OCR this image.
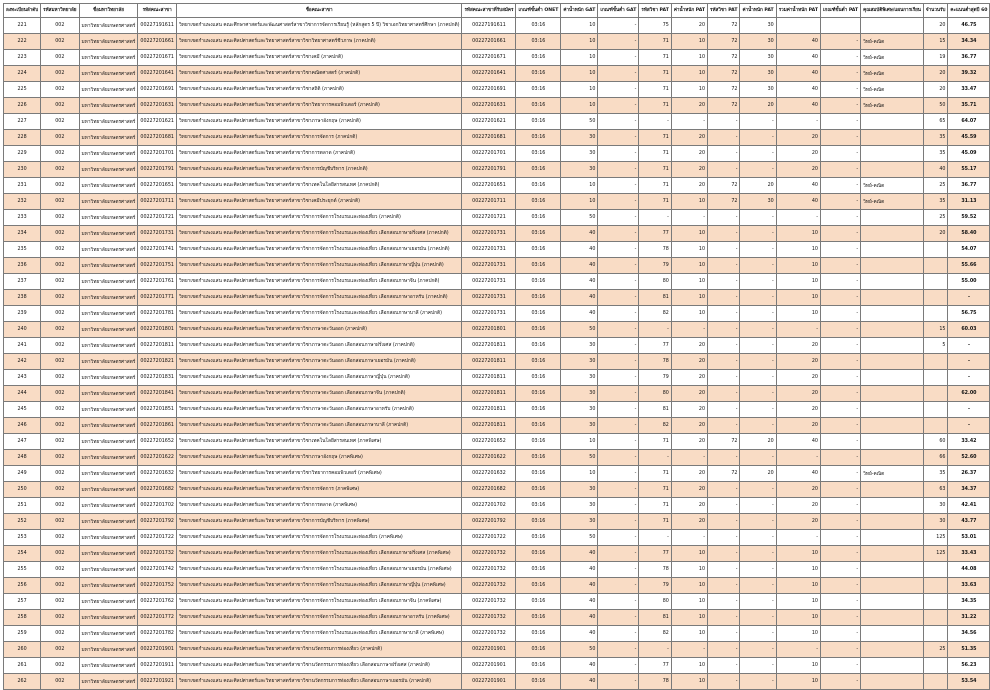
ลงทะเบียนลำดับ	รหัสมหาวิทยาลัย	ชื่อมหาวิทยาลัย	รหัสคณะสาขา	ชื่อคณะสาขา	รหัสคณะสาขาที่รับสมัคร	เกณฑ์ขั้นต่ำ ONET	ค่าน้ำหนัก GAT	เกณฑ์ขั้นต่ำ GAT	รหัสวิชา PAT	ค่าน้ำหนัก PAT	รหัสวิชา PAT	ค่าน้ำหนัก PAT	รวมค่าน้ำหนัก PAT	เกณฑ์ขั้นต่ำ PAT	คุณสมบัติพิเศษ/แผนการเรียน	จำนวนรับ	คะแนนต่ำสุดปี 60
221	002	มหาวิทยาลัยเกษตรศาสตร์	00227191611	วิทยาเขตกำแพงแสน คณะศึกษาศาสตร์และพัฒนศาสตร์สาขาวิชาการจัดการเรียนรู้ (หลักสูตร 5 ปี) วิชาเอกวิทยาศาสตร์ศึกษา (ภาคปกติ)	00227191611	03:16	10	-	75	20	72	30				20	46.75
222	002	มหาวิทยาลัยเกษตรศาสตร์	00227201661	วิทยาเขตกำแพงแสน คณะศิลปศาสตร์และวิทยาศาสตร์สาขาวิชาวิทยาศาสตร์ชีวภาพ (ภาคปกติ)	00227201661	03:16	10	-	71	10	72	30	40	-	วิทย์-คณิต	15	34.34
223	002	มหาวิทยาลัยเกษตรศาสตร์	00227201671	วิทยาเขตกำแพงแสน คณะศิลปศาสตร์และวิทยาศาสตร์สาขาวิชาเคมี (ภาคปกติ)	00227201671	03:16	10	-	71	10	72	30	40	-	วิทย์-คณิต	19	36.77
224	002	มหาวิทยาลัยเกษตรศาสตร์	00227201641	วิทยาเขตกำแพงแสน คณะศิลปศาสตร์และวิทยาศาสตร์สาขาวิชาคณิตศาสตร์ (ภาคปกติ)	00227201641	03:16	10	-	71	10	72	30	40	-	วิทย์-คณิต	20	39.32
225	002	มหาวิทยาลัยเกษตรศาสตร์	00227201691	วิทยาเขตกำแพงแสน คณะศิลปศาสตร์และวิทยาศาสตร์สาขาวิชาสถิติ (ภาคปกติ)	00227201691	03:16	10	-	71	10	72	30	40	-	วิทย์-คณิต	20	33.47
226	002	มหาวิทยาลัยเกษตรศาสตร์	00227201631	วิทยาเขตกำแพงแสน คณะศิลปศาสตร์และวิทยาศาสตร์สาขาวิชาวิทยาการคอมพิวเตอร์ (ภาคปกติ)	00227201631	03:16	10	-	71	20	72	20	40	-	วิทย์-คณิต	50	35.71
227	002	มหาวิทยาลัยเกษตรศาสตร์	00227201621	วิทยาเขตกำแพงแสน คณะศิลปศาสตร์และวิทยาศาสตร์สาขาวิชาภาษาอังกฤษ (ภาคปกติ)	00227201621	03:16	50	-	-	-	-	-	-	-		65	64.07
228	002	มหาวิทยาลัยเกษตรศาสตร์	00227201681	วิทยาเขตกำแพงแสน คณะศิลปศาสตร์และวิทยาศาสตร์สาขาวิชาการจัดการ (ภาคปกติ)	00227201681	03:16	30	-	71	20	-	-	20	-		35	45.59
229	002	มหาวิทยาลัยเกษตรศาสตร์	00227201701	วิทยาเขตกำแพงแสน คณะศิลปศาสตร์และวิทยาศาสตร์สาขาวิชาการตลาด (ภาคปกติ)	00227201701	03:16	30	-	71	20	-	-	20	-		35	45.09
230	002	มหาวิทยาลัยเกษตรศาสตร์	00227201791	วิทยาเขตกำแพงแสน คณะศิลปศาสตร์และวิทยาศาสตร์สาขาวิชาการบัญชีบริหาร (ภาคปกติ)	00227201791	03:16	30	-	71	20	-	-	20	-		40	55.17
231	002	มหาวิทยาลัยเกษตรศาสตร์	00227201651	วิทยาเขตกำแพงแสน คณะศิลปศาสตร์และวิทยาศาสตร์สาขาวิชาเทคโนโลยีสารสนเทศ (ภาคปกติ)	00227201651	03:16	10	-	71	20	72	20	40	-	วิทย์-คณิต	25	36.77
232	002	มหาวิทยาลัยเกษตรศาสตร์	00227201711	วิทยาเขตกำแพงแสน คณะศิลปศาสตร์และวิทยาศาสตร์สาขาวิชาเคมีประยุกต์ (ภาคปกติ)	00227201711	03:16	10	-	71	10	72	30	40	-	วิทย์-คณิต	35	31.13
233	002	มหาวิทยาลัยเกษตรศาสตร์	00227201721	วิทยาเขตกำแพงแสน คณะศิลปศาสตร์และวิทยาศาสตร์สาขาวิชาการจัดการโรงแรมและท่องเที่ยว (ภาคปกติ)	00227201721	03:16	50	-	-	-	-	-	-	-		25	59.52
234	002	มหาวิทยาลัยเกษตรศาสตร์	00227201731	วิทยาเขตกำแพงแสน คณะศิลปศาสตร์และวิทยาศาสตร์สาขาวิชาการจัดการโรงแรมและท่องเที่ยว เลือกสอบภาษาฝรั่งเศส (ภาคปกติ)	00227201731	03:16	40	-	77	10	-	-	10	-		20	58.40
235	002	มหาวิทยาลัยเกษตรศาสตร์	00227201741	วิทยาเขตกำแพงแสน คณะศิลปศาสตร์และวิทยาศาสตร์สาขาวิชาการจัดการโรงแรมและท่องเที่ยว เลือกสอบภาษาเยอรมัน (ภาคปกติ)	00227201731	03:16	40	-	78	10	-	-	10	-			54.07
236	002	มหาวิทยาลัยเกษตรศาสตร์	00227201751	วิทยาเขตกำแพงแสน คณะศิลปศาสตร์และวิทยาศาสตร์สาขาวิชาการจัดการโรงแรมและท่องเที่ยว เลือกสอบภาษาญี่ปุ่น (ภาคปกติ)	00227201731	03:16	40	-	79	10	-	-	10	-			55.66
237	002	มหาวิทยาลัยเกษตรศาสตร์	00227201761	วิทยาเขตกำแพงแสน คณะศิลปศาสตร์และวิทยาศาสตร์สาขาวิชาการจัดการโรงแรมและท่องเที่ยว เลือกสอบภาษาจีน (ภาคปกติ)	00227201731	03:16	40	-	80	10	-	-	10	-			55.00
238	002	มหาวิทยาลัยเกษตรศาสตร์	00227201771	วิทยาเขตกำแพงแสน คณะศิลปศาสตร์และวิทยาศาสตร์สาขาวิชาการจัดการโรงแรมและท่องเที่ยว เลือกสอบภาษาอาหรับ (ภาคปกติ)	00227201731	03:16	40	-	81	10	-	-	10	-			-
239	002	มหาวิทยาลัยเกษตรศาสตร์	00227201781	วิทยาเขตกำแพงแสน คณะศิลปศาสตร์และวิทยาศาสตร์สาขาวิชาการจัดการโรงแรมและท่องเที่ยว เลือกสอบภาษาบาลี (ภาคปกติ)	00227201731	03:16	40	-	82	10	-	-	10	-			56.75
240	002	มหาวิทยาลัยเกษตรศาสตร์	00227201801	วิทยาเขตกำแพงแสน คณะศิลปศาสตร์และวิทยาศาสตร์สาขาวิชาภาษาตะวันออก (ภาคปกติ)	00227201801	03:16	50	-	-	-	-	-	-	-		15	60.03
241	002	มหาวิทยาลัยเกษตรศาสตร์	00227201811	วิทยาเขตกำแพงแสน คณะศิลปศาสตร์และวิทยาศาสตร์สาขาวิชาภาษาตะวันออก เลือกสอบภาษาฝรั่งเศส (ภาคปกติ)	00227201811	03:16	30	-	77	20	-	-	20	-		5	-
242	002	มหาวิทยาลัยเกษตรศาสตร์	00227201821	วิทยาเขตกำแพงแสน คณะศิลปศาสตร์และวิทยาศาสตร์สาขาวิชาภาษาตะวันออก เลือกสอบภาษาเยอรมัน (ภาคปกติ)	00227201811	03:16	30	-	78	20	-	-	20	-			-
243	002	มหาวิทยาลัยเกษตรศาสตร์	00227201831	วิทยาเขตกำแพงแสน คณะศิลปศาสตร์และวิทยาศาสตร์สาขาวิชาภาษาตะวันออก เลือกสอบภาษาญี่ปุ่น (ภาคปกติ)	00227201811	03:16	30	-	79	20	-	-	20	-			-
244	002	มหาวิทยาลัยเกษตรศาสตร์	00227201841	วิทยาเขตกำแพงแสน คณะศิลปศาสตร์และวิทยาศาสตร์สาขาวิชาภาษาตะวันออก เลือกสอบภาษาจีน (ภาคปกติ)	00227201811	03:16	30	-	80	20	-	-	20	-			62.00
245	002	มหาวิทยาลัยเกษตรศาสตร์	00227201851	วิทยาเขตกำแพงแสน คณะศิลปศาสตร์และวิทยาศาสตร์สาขาวิชาภาษาตะวันออก เลือกสอบภาษาอาหรับ (ภาคปกติ)	00227201811	03:16	30	-	81	20	-	-	20	-			-
246	002	มหาวิทยาลัยเกษตรศาสตร์	00227201861	วิทยาเขตกำแพงแสน คณะศิลปศาสตร์และวิทยาศาสตร์สาขาวิชาภาษาตะวันออก เลือกสอบภาษาบาลี (ภาคปกติ)	00227201811	03:16	30	-	82	20	-	-	20	-			-
247	002	มหาวิทยาลัยเกษตรศาสตร์	00227201652	วิทยาเขตกำแพงแสน คณะศิลปศาสตร์และวิทยาศาสตร์สาขาวิชาเทคโนโลยีสารสนเทศ (ภาคพิเศษ)	00227201652	03:16	10	-	71	20	72	20	40	-		60	33.42
248	002	มหาวิทยาลัยเกษตรศาสตร์	00227201622	วิทยาเขตกำแพงแสน คณะศิลปศาสตร์และวิทยาศาสตร์สาขาวิชาภาษาอังกฤษ (ภาคพิเศษ)	00227201622	03:16	50	-	-	-	-	-	-	-		66	52.60
249	002	มหาวิทยาลัยเกษตรศาสตร์	00227201632	วิทยาเขตกำแพงแสน คณะศิลปศาสตร์และวิทยาศาสตร์สาขาวิชาวิทยาการคอมพิวเตอร์ (ภาคพิเศษ)	00227201632	03:16	10	-	71	20	72	20	40	-	วิทย์-คณิต	35	26.37
250	002	มหาวิทยาลัยเกษตรศาสตร์	00227201682	วิทยาเขตกำแพงแสน คณะศิลปศาสตร์และวิทยาศาสตร์สาขาวิชาการจัดการ (ภาคพิเศษ)	00227201682	03:16	30	-	71	20	-	-	20	-		63	34.37
251	002	มหาวิทยาลัยเกษตรศาสตร์	00227201702	วิทยาเขตกำแพงแสน คณะศิลปศาสตร์และวิทยาศาสตร์สาขาวิชาการตลาด (ภาคพิเศษ)	00227201702	03:16	30	-	71	20	-	-	20	-		30	42.41
252	002	มหาวิทยาลัยเกษตรศาสตร์	00227201792	วิทยาเขตกำแพงแสน คณะศิลปศาสตร์และวิทยาศาสตร์สาขาวิชาการบัญชีบริหาร (ภาคพิเศษ)	00227201792	03:16	30	-	71	20	-	-	20	-		30	43.77
253	002	มหาวิทยาลัยเกษตรศาสตร์	00227201722	วิทยาเขตกำแพงแสน คณะศิลปศาสตร์และวิทยาศาสตร์สาขาวิชาการจัดการโรงแรมและท่องเที่ยว (ภาคพิเศษ)	00227201722	03:16	50	-	-	-	-	-	-	-		125	53.01
254	002	มหาวิทยาลัยเกษตรศาสตร์	00227201732	วิทยาเขตกำแพงแสน คณะศิลปศาสตร์และวิทยาศาสตร์สาขาวิชาการจัดการโรงแรมและท่องเที่ยว เลือกสอบภาษาฝรั่งเศส (ภาคพิเศษ)	00227201732	03:16	40	-	77	10	-	-	10	-		125	33.43
255	002	มหาวิทยาลัยเกษตรศาสตร์	00227201742	วิทยาเขตกำแพงแสน คณะศิลปศาสตร์และวิทยาศาสตร์สาขาวิชาการจัดการโรงแรมและท่องเที่ยว เลือกสอบภาษาเยอรมัน (ภาคพิเศษ)	00227201732	03:16	40	-	78	10	-	-	10	-			44.08
256	002	มหาวิทยาลัยเกษตรศาสตร์	00227201752	วิทยาเขตกำแพงแสน คณะศิลปศาสตร์และวิทยาศาสตร์สาขาวิชาการจัดการโรงแรมและท่องเที่ยว เลือกสอบภาษาญี่ปุ่น (ภาคพิเศษ)	00227201732	03:16	40	-	79	10	-	-	10	-			33.63
257	002	มหาวิทยาลัยเกษตรศาสตร์	00227201762	วิทยาเขตกำแพงแสน คณะศิลปศาสตร์และวิทยาศาสตร์สาขาวิชาการจัดการโรงแรมและท่องเที่ยว เลือกสอบภาษาจีน (ภาคพิเศษ)	00227201732	03:16	40	-	80	10	-	-	10	-			34.35
258	002	มหาวิทยาลัยเกษตรศาสตร์	00227201772	วิทยาเขตกำแพงแสน คณะศิลปศาสตร์และวิทยาศาสตร์สาขาวิชาการจัดการโรงแรมและท่องเที่ยว เลือกสอบภาษาอาหรับ (ภาคพิเศษ)	00227201732	03:16	40	-	81	10	-	-	10	-			31.22
259	002	มหาวิทยาลัยเกษตรศาสตร์	00227201782	วิทยาเขตกำแพงแสน คณะศิลปศาสตร์และวิทยาศาสตร์สาขาวิชาการจัดการโรงแรมและท่องเที่ยว เลือกสอบภาษาบาลี (ภาคพิเศษ)	00227201732	03:16	40	-	82	10	-	-	10	-			34.56
260	002	มหาวิทยาลัยเกษตรศาสตร์	00227201901	วิทยาเขตกำแพงแสน คณะศิลปศาสตร์และวิทยาศาสตร์สาขาวิชานวัตกรรมการท่องเที่ยว (ภาคปกติ)	00227201901	03:16	50	-	-	-	-	-	-	-		25	51.35
261	002	มหาวิทยาลัยเกษตรศาสตร์	00227201911	วิทยาเขตกำแพงแสน คณะศิลปศาสตร์และวิทยาศาสตร์สาขาวิชานวัตกรรมการท่องเที่ยว เลือกสอบภาษาฝรั่งเศส (ภาคปกติ)	00227201901	03:16	40	-	77	10	-	-	10	-			56.23
262	002	มหาวิทยาลัยเกษตรศาสตร์	00227201921	วิทยาเขตกำแพงแสน คณะศิลปศาสตร์และวิทยาศาสตร์สาขาวิชานวัตกรรมการท่องเที่ยว เลือกสอบภาษาเยอรมัน (ภาคปกติ)	00227201901	03:16	40	-	78	10	-	-	10	-			53.54
